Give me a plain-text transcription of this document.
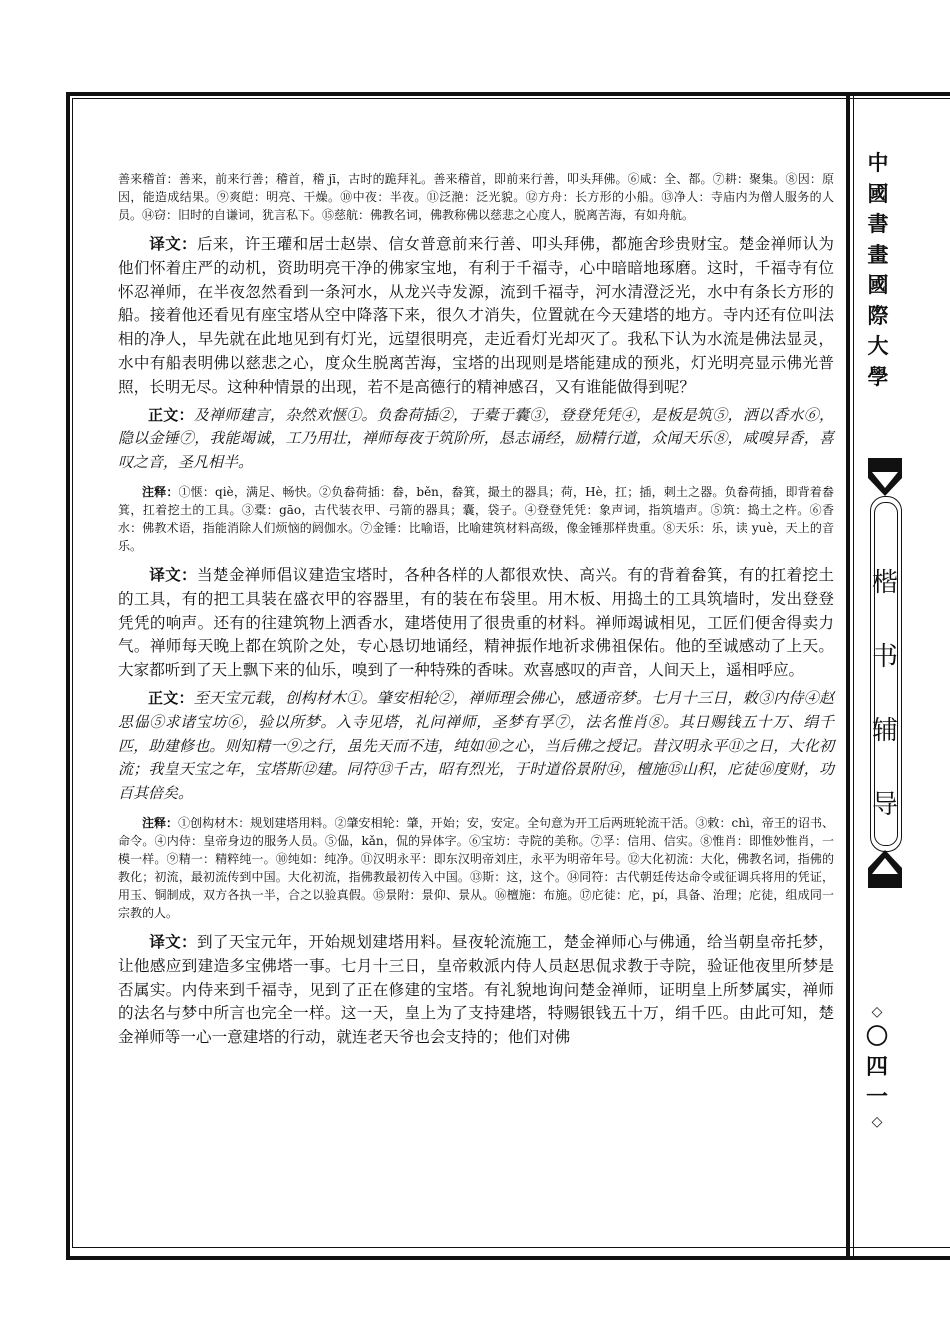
中
國
書
畫
國
際
大
學
楷
书
辅
导
◇
〇
四
一
◇

善来稽首：善来，前来行善；稽首，稽 jī，古时的跪拜礼。善来稽首，即前来行善，叩头拜佛。⑥咸：全、都。⑦耕：聚集。⑧因：原因，能造成结果。⑨爽皑：明亮、干燥。⑩中夜：半夜。⑪泛滟：泛光貌。⑫方舟：长方形的小船。⑬净人：寺庙内为僧人服务的人员。⑭窃：旧时的自谦词，犹言私下。⑮慈航：佛教名词，佛教称佛以慈悲之心度人，脱离苦海，有如舟航。

译文：后来，许王瓘和居士赵崇、信女普意前来行善、叩头拜佛，都施舍珍贵财宝。楚金禅师认为他们怀着庄严的动机，资助明亮干净的佛家宝地，有利于千福寺，心中暗暗地琢磨。这时，千福寺有位怀忍禅师，在半夜忽然看到一条河水，从龙兴寺发源，流到千福寺，河水清澄泛光，水中有条长方形的船。接着他还看见有座宝塔从空中降落下来，很久才消失，位置就在今天建塔的地方。寺内还有位叫法相的净人，早先就在此地见到有灯光，远望很明亮，走近看灯光却灭了。我私下认为水流是佛法显灵，水中有船表明佛以慈悲之心，度众生脱离苦海，宝塔的出现则是塔能建成的预兆，灯光明亮显示佛光普照，长明无尽。这种种情景的出现，若不是高德行的精神感召，又有谁能做得到呢？

正文：及禅师建言，杂然欢惬①。负畚荷插②，于橐于囊③，登登凭凭④，是板是筑⑤，洒以香水⑥，隐以金锤⑦，我能竭诚，工乃用壮，禅师每夜于筑阶所，恳志诵经，励精行道，众闻天乐⑧，咸嗅异香，喜叹之音，圣凡相半。

注释：①惬：qiè，满足、畅快。②负畚荷插：畚，běn，畚箕，撮土的器具；荷，Hè，扛；插，刺土之器。负畚荷插，即背着畚箕，扛着挖土的工具。③橐：gāo，古代装衣甲、弓箭的器具；囊，袋子。④登登凭凭：象声词，指筑墙声。⑤筑：捣土之杵。⑥香水：佛教术语，指能消除人们烦恼的阏伽水。⑦金锤：比喻语，比喻建筑材料高级，像金锤那样贵重。⑧天乐：乐，读 yuè，天上的音乐。

译文：当楚金禅师倡议建造宝塔时，各种各样的人都很欢快、高兴。有的背着畚箕，有的扛着挖土的工具，有的把工具装在盛衣甲的容器里，有的装在布袋里。用木板、用捣土的工具筑墙时，发出登登凭凭的响声。还有的往建筑物上洒香水，建塔使用了很贵重的材料。禅师竭诚相见，工匠们便舍得卖力气。禅师每天晚上都在筑阶之处，专心恳切地诵经，精神振作地祈求佛祖保佑。他的至诚感动了上天。大家都听到了天上飘下来的仙乐，嗅到了一种特殊的香味。欢喜感叹的声音，人间天上，遥相呼应。

正文：至天宝元载，创构材木①。肇安相轮②，禅师理会佛心，感通帝梦。七月十三日，敕③内侍④赵思偘⑤求诸宝坊⑥，验以所梦。入寺见塔，礼问禅师，圣梦有孚⑦，法名惟肖⑧。其日赐钱五十万、绢千匹，助建修也。则知精一⑨之行，虽先天而不违，纯如⑩之心，当后佛之授记。昔汉明永平⑪之日，大化初流；我皇天宝之年，宝塔斯⑫建。同符⑬千古，昭有烈光，于时道俗景附⑭，檀施⑮山积，庀徒⑯度财，功百其倍矣。

注释：①创构材木：规划建塔用料。②肇安相轮：肇，开始；安，安定。全句意为开工后两班轮流干活。③敕：chì，帝王的诏书、命令。④内侍：皇帝身边的服务人员。⑤偘，kǎn，侃的异体字。⑥宝坊：寺院的美称。⑦孚：信用、信实。⑧惟肖：即惟妙惟肖，一模一样。⑨精一：精粹纯一。⑩纯如：纯净。⑪汉明永平：即东汉明帝刘庄，永平为明帝年号。⑫大化初流：大化，佛教名词，指佛的教化；初流，最初流传到中国。大化初流，指佛教最初传入中国。⑬斯：这，这个。⑭同符：古代朝廷传达命令或征调兵将用的凭证，用玉、铜制成，双方各执一半，合之以验真假。⑮景附：景仰、景从。⑯檀施：布施。⑰庀徒：庀，pí，具备、治理；庀徒，组成同一宗教的人。

译文：到了天宝元年，开始规划建塔用料。昼夜轮流施工，楚金禅师心与佛通，给当朝皇帝托梦，让他感应到建造多宝佛塔一事。七月十三日，皇帝敕派内侍人员赵思侃求教于寺院，验证他夜里所梦是否属实。内侍来到千福寺，见到了正在修建的宝塔。有礼貌地询问楚金禅师，证明皇上所梦属实，禅师的法名与梦中所言也完全一样。这一天，皇上为了支持建塔，特赐银钱五十万，绢千匹。由此可知，楚金禅师等一心一意建塔的行动，就连老天爷也会支持的；他们对佛
